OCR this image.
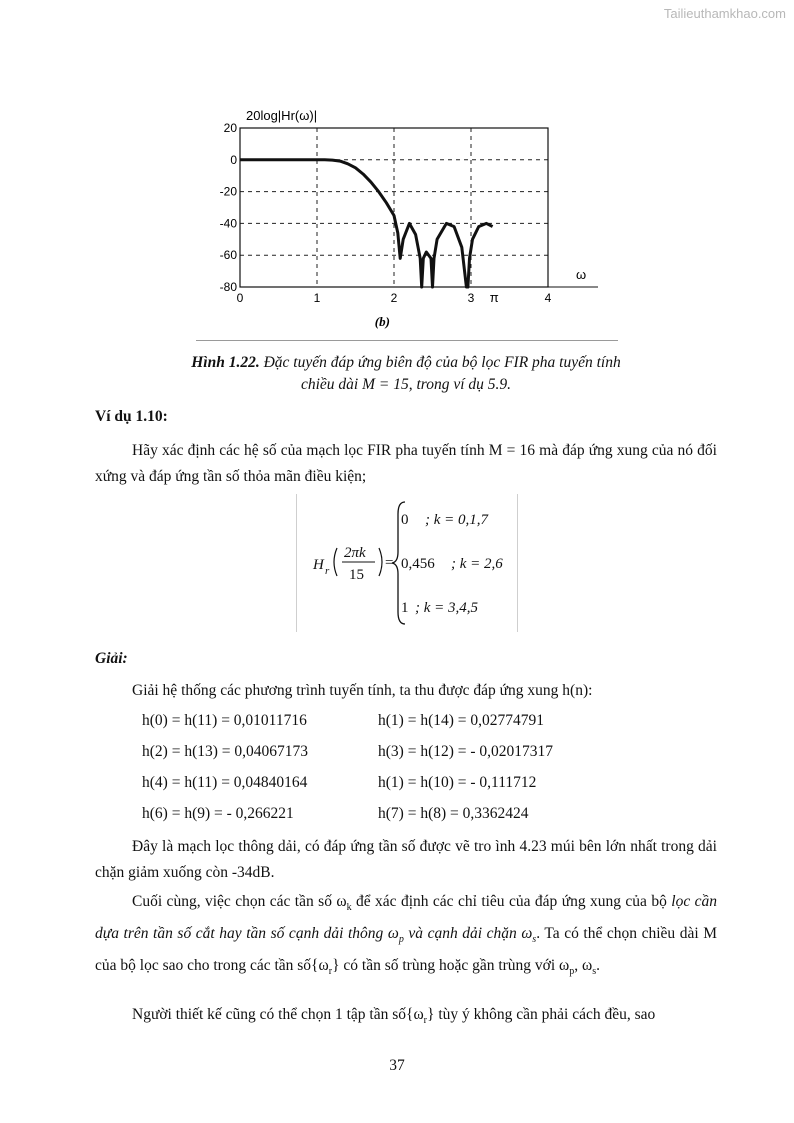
Tailieuthamkhao.com
20
0
-20
-40
-60
-80
0	1	2	3	4
20log|Hr(ω)|
ω
π
(b)
Hình 1.22. Đặc tuyến đáp ứng biên độ của bộ lọc FIR pha tuyến tính
chiều dài M = 15, trong ví dụ 5.9.
Ví dụ 1.10:
Hãy xác định các hệ số của mạch lọc FIR pha tuyến tính M = 16 mà đáp ứng xung của nó đối xứng và đáp ứng tần số thỏa mãn điều kiện;
H r
2πk
15
=
0 ; k = 0,1,7
0,456 ; k = 2,6
1 ; k = 3,4,5
Giải:
Giải hệ thống các phương trình tuyến tính, ta thu được đáp ứng xung h(n):
h(0) = h(11) = 0,01011716	h(1) = h(14) = 0,02774791
h(2) = h(13) = 0,04067173	h(3) = h(12) = - 0,02017317
h(4) = h(11) = 0,04840164	h(1) = h(10) = - 0,111712
h(6) = h(9) = - 0,266221	h(7) = h(8) = 0,3362424
Đây là mạch lọc thông dải, có đáp ứng tần số được vẽ tro ình 4.23 múi bên lớn nhất trong dải chặn giảm xuống còn -34dB.
Cuối cùng, việc chọn các tần số $\omega_k$ để xác định các chỉ tiêu của đáp ứng xung của bộ lọc cần dựa trên tần số cắt hay tần số cạnh dải thông $\omega_p$ và cạnh dải chặn $\omega_s$. Ta có thể chọn chiều dài M của bộ lọc sao cho trong các tần $số\{\omega_r\}$ có tần số trùng hoặc gần trùng với $\omega_p$, $\omega_s$.
Người thiết kế cũng có thể chọn 1 tập tần $số\{\omega_r\}$ tùy ý không cần phải cách đều, sao
37
